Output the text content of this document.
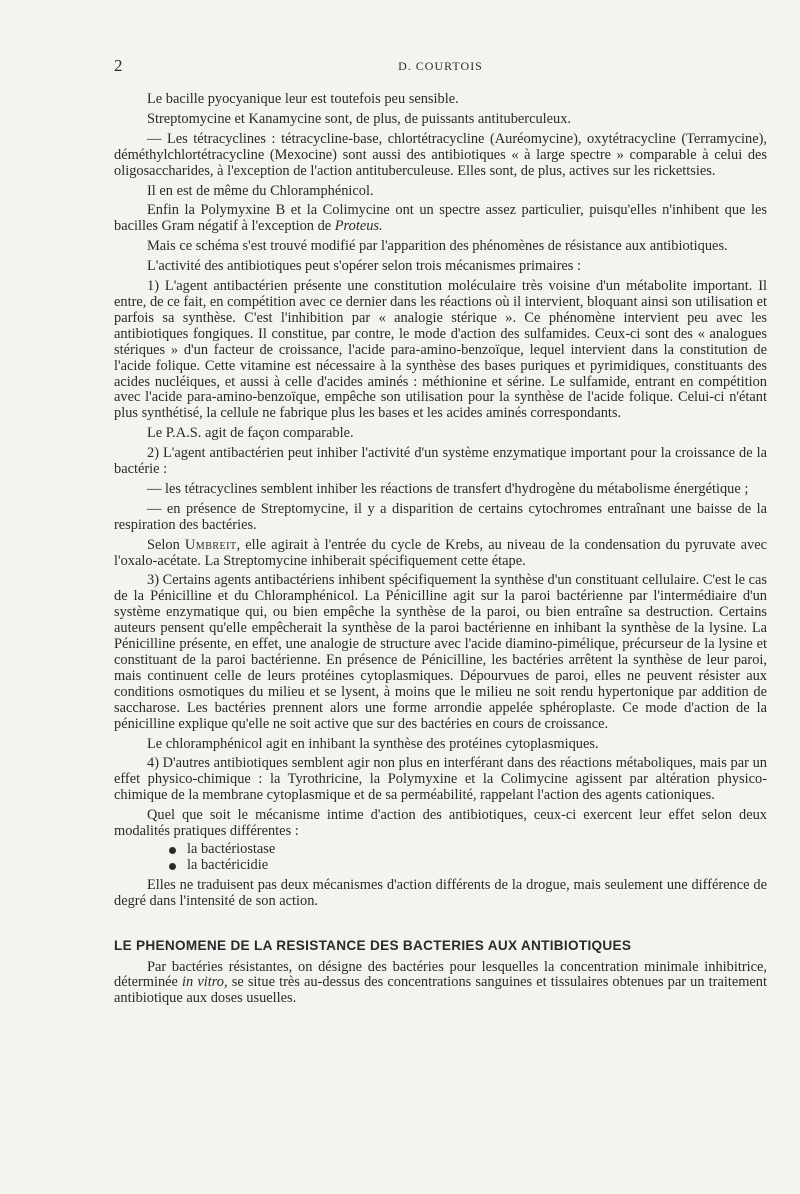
2	D. COURTOIS

Le bacille pyocyanique leur est toutefois peu sensible.

Streptomycine et Kanamycine sont, de plus, de puissants antituberculeux.

— Les tétracyclines : tétracycline-base, chlortétracycline (Auréomycine), oxytétracycline (Terramycine), déméthylchlortétracycline (Mexocine) sont aussi des antibiotiques « à large spectre » comparable à celui des oligosaccharides, à l'exception de l'action antituberculeuse. Elles sont, de plus, actives sur les rickettsies.

Il en est de même du Chloramphénicol.

Enfin la Polymyxine B et la Colimycine ont un spectre assez particulier, puisqu'elles n'inhibent que les bacilles Gram négatif à l'exception de Proteus.

Mais ce schéma s'est trouvé modifié par l'apparition des phénomènes de résistance aux antibiotiques.

L'activité des antibiotiques peut s'opérer selon trois mécanismes primaires :

1) L'agent antibactérien présente une constitution moléculaire très voisine d'un métabolite important. Il entre, de ce fait, en compétition avec ce dernier dans les réactions où il intervient, bloquant ainsi son utilisation et parfois sa synthèse. C'est l'inhibition par « analogie stérique ». Ce phénomène intervient peu avec les antibiotiques fongiques. Il constitue, par contre, le mode d'action des sulfamides. Ceux-ci sont des « analogues stériques » d'un facteur de croissance, l'acide para-amino-benzoïque, lequel intervient dans la constitution de l'acide folique. Cette vitamine est nécessaire à la synthèse des bases puriques et pyrimidiques, constituants des acides nucléiques, et aussi à celle d'acides aminés : méthionine et sérine. Le sulfamide, entrant en compétition avec l'acide para-amino-benzoïque, empêche son utilisation pour la synthèse de l'acide folique. Celui-ci n'étant plus synthétisé, la cellule ne fabrique plus les bases et les acides aminés correspondants.

Le P.A.S. agit de façon comparable.

2) L'agent antibactérien peut inhiber l'activité d'un système enzymatique important pour la croissance de la bactérie :

— les tétracyclines semblent inhiber les réactions de transfert d'hydrogène du métabolisme énergétique ;

— en présence de Streptomycine, il y a disparition de certains cytochromes entraînant une baisse de la respiration des bactéries.

Selon Umbreit, elle agirait à l'entrée du cycle de Krebs, au niveau de la condensation du pyruvate avec l'oxalo-acétate. La Streptomycine inhiberait spécifiquement cette étape.

3) Certains agents antibactériens inhibent spécifiquement la synthèse d'un constituant cellulaire. C'est le cas de la Pénicilline et du Chloramphénicol. La Pénicilline agit sur la paroi bactérienne par l'intermédiaire d'un système enzymatique qui, ou bien empêche la synthèse de la paroi, ou bien entraîne sa destruction. Certains auteurs pensent qu'elle empêcherait la synthèse de la paroi bactérienne en inhibant la synthèse de la lysine. La Pénicilline présente, en effet, une analogie de structure avec l'acide diamino-pimélique, précurseur de la lysine et constituant de la paroi bactérienne. En présence de Pénicilline, les bactéries arrêtent la synthèse de leur paroi, mais continuent celle de leurs protéines cytoplasmiques. Dépourvues de paroi, elles ne peuvent résister aux conditions osmotiques du milieu et se lysent, à moins que le milieu ne soit rendu hypertonique par addition de saccharose. Les bactéries prennent alors une forme arrondie appelée sphéroplaste. Ce mode d'action de la pénicilline explique qu'elle ne soit active que sur des bactéries en cours de croissance.

Le chloramphénicol agit en inhibant la synthèse des protéines cytoplasmiques.

4) D'autres antibiotiques semblent agir non plus en interférant dans des réactions métaboliques, mais par un effet physico-chimique : la Tyrothricine, la Polymyxine et la Colimycine agissent par altération physico-chimique de la membrane cytoplasmique et de sa perméabilité, rappelant l'action des agents cationiques.

Quel que soit le mécanisme intime d'action des antibiotiques, ceux-ci exercent leur effet selon deux modalités pratiques différentes :

la bactériostase
la bactéricidie

Elles ne traduisent pas deux mécanismes d'action différents de la drogue, mais seulement une différence de degré dans l'intensité de son action.

LE PHENOMENE DE LA RESISTANCE DES BACTERIES AUX ANTIBIOTIQUES

Par bactéries résistantes, on désigne des bactéries pour lesquelles la concentration minimale inhibitrice, déterminée in vitro, se situe très au-dessus des concentrations sanguines et tissulaires obtenues par un traitement antibiotique aux doses usuelles.
